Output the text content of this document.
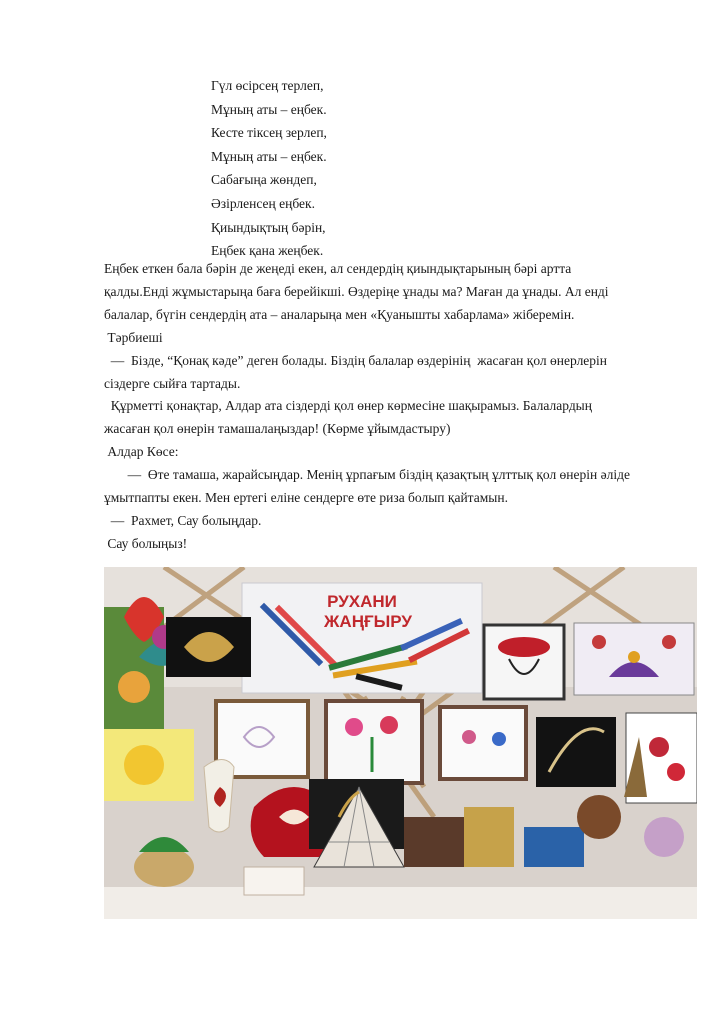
Гүл өсірсең терлеп,
Мұның аты – еңбек.
Кесте тіксең зерлеп,
Мұның аты – еңбек.
Сабағыңа жөндеп,
Әзірленсең еңбек.
Қиындықтың бәрін,
Еңбек қана жеңбек.

Еңбек еткен бала бәрін де жеңеді екен, ал сендердің қиындықтарының бәрі артта

қалды.Енді жұмыстарыңа баға берейікші. Өздеріңе ұнады ма? Маған да ұнады. Ал енді

балалар, бүгін сендердің ата – аналарыңа мен «Қуанышты хабарлама» жіберемін.

Тәрбиеші

—  Бізде, “Қонақ кәде” деген болады. Біздің балалар өздерінің  жасаған қол өнерлерін

сіздерге сыйға тартады.

Құрметті қонақтар, Алдар ата сіздерді қол өнер көрмесіне шақырамыз. Балалардың

жасаған қол өнерін тамашалаңыздар! (Көрме ұйымдастыру)

Алдар Көсе:

—  Өте тамаша, жарайсыңдар. Менің ұрпағым біздің қазақтың ұлттық қол өнерін әліде

ұмытпапты екен. Мен ертегі еліне сендерге өте риза болып қайтамын.

—  Рахмет, Сау болыңдар.

Сау болыңыз!

РУХАНИ
ЖАҢҒЫРУ
